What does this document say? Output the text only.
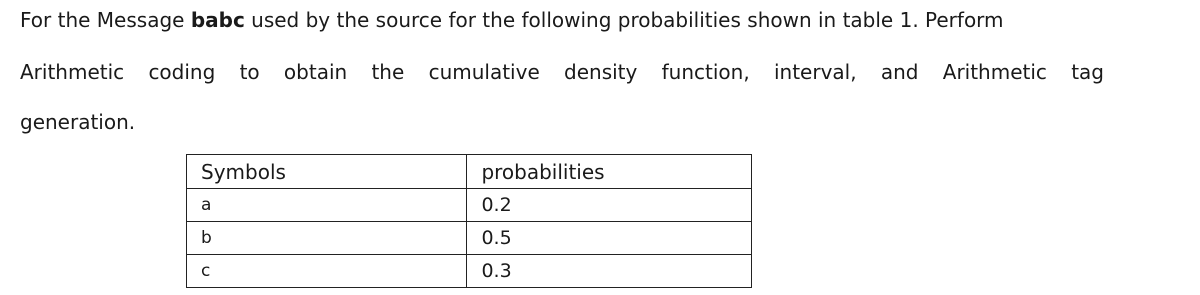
For the Message babc used by the source for the following probabilities shown in table 1. Perform
Arithmetic coding to obtain the cumulative density function, interval, and Arithmetic tag
generation.
Symbols	probabilities
a	0.2
b	0.5
c	0.3
